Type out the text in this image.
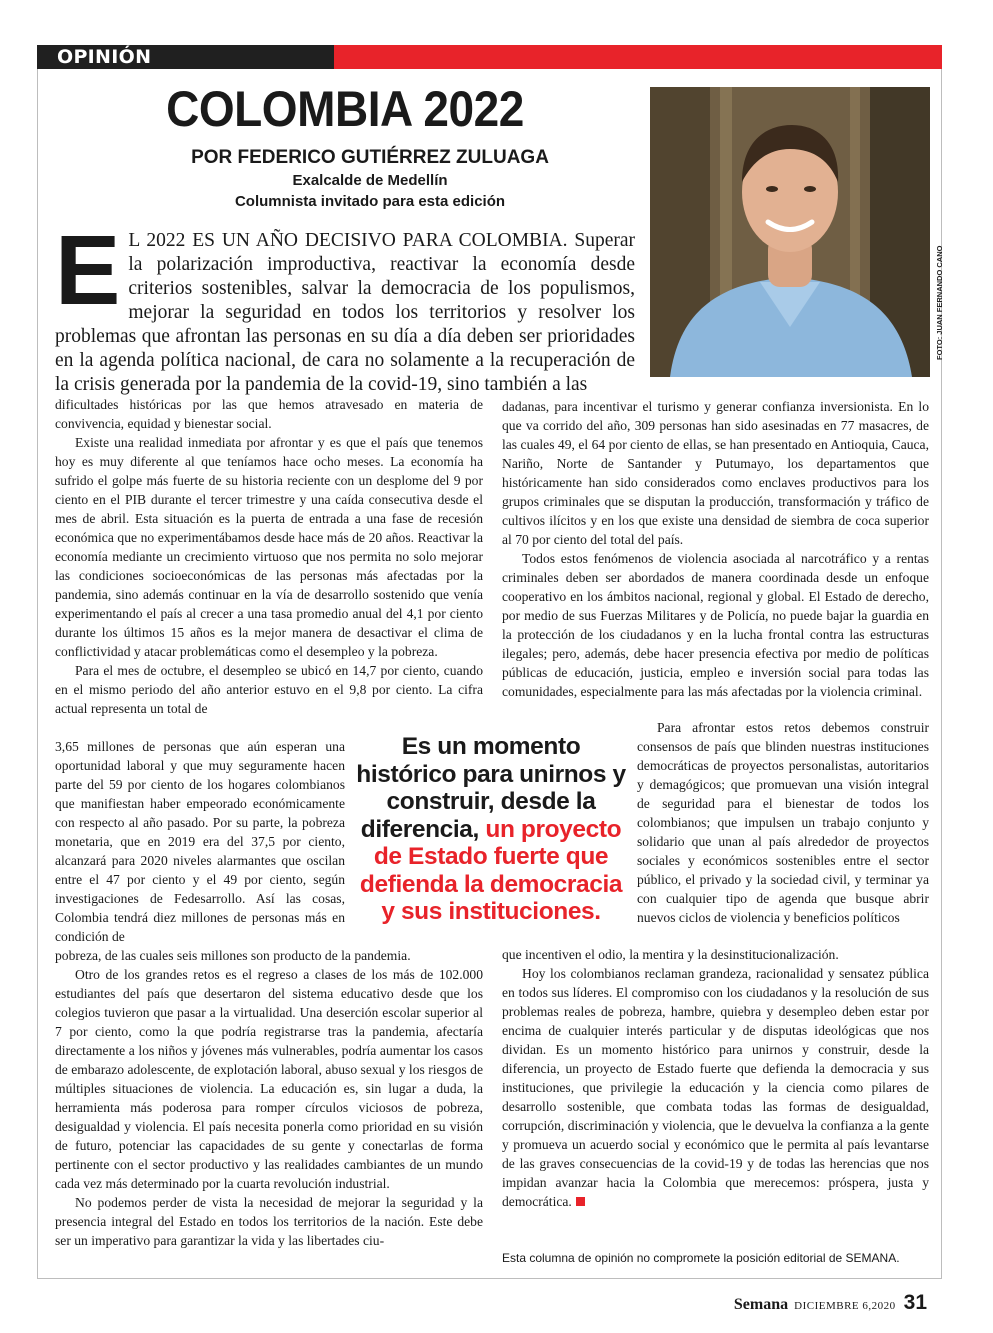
OPINIÓN
COLOMBIA 2022
POR FEDERICO GUTIÉRREZ ZULUAGA
Exalcalde de Medellín
Columnista invitado para esta edición
FOTO: JUAN FERNANDO CANO
E L 2022 ES UN AÑO DECISIVO PARA COLOMBIA. Superar la polarización improductiva, reactivar la economía desde criterios sostenibles, salvar la democracia de los populismos, mejorar la seguridad en todos los territorios y resolver los problemas que afrontan las personas en su día a día deben ser prioridades en la agenda política nacional, de cara no solamente a la recuperación de la crisis generada por la pandemia de la covid-19, sino también a las

dificultades históricas por las que hemos atravesado en materia de convivencia, equidad y bienestar social.

Existe una realidad inmediata por afrontar y es que el país que tenemos hoy es muy diferente al que teníamos hace ocho meses. La economía ha sufrido el golpe más fuerte de su historia reciente con un desplome del 9 por ciento en el PIB durante el tercer trimestre y una caída consecutiva desde el mes de abril. Esta situación es la puerta de entrada a una fase de recesión económica que no experimentábamos desde hace más de 20 años. Reactivar la economía mediante un crecimiento virtuoso que nos permita no solo mejorar las condiciones socioeconómicas de las personas más afectadas por la pandemia, sino además continuar en la vía de desarrollo sostenido que venía experimentando el país al crecer a una tasa promedio anual del 4,1 por ciento durante los últimos 15 años es la mejor manera de desactivar el clima de conflictividad y atacar problemáticas como el desempleo y la pobreza.

Para el mes de octubre, el desempleo se ubicó en 14,7 por ciento, cuando en el mismo periodo del año anterior estuvo en el 9,8 por ciento. La cifra actual representa un total de

3,65 millones de personas que aún esperan una oportunidad laboral y que muy seguramente hacen parte del 59 por ciento de los hogares colombianos que manifiestan haber empeorado económicamente con respecto al año pasado. Por su parte, la pobreza monetaria, que en 2019 era del 37,5 por ciento, alcanzará para 2020 niveles alarmantes que oscilan entre el 47 por ciento y el 49 por ciento, según investigaciones de Fedesarrollo. Así las cosas, Colombia tendrá diez millones de personas más en condición de

Es un momento histórico para unirnos y construir, desde la diferencia, un proyecto de Estado fuerte que defienda la democracia y sus instituciones.

pobreza, de las cuales seis millones son producto de la pandemia.

Otro de los grandes retos es el regreso a clases de los más de 102.000 estudiantes del país que desertaron del sistema educativo desde que los colegios tuvieron que pasar a la virtualidad. Una deserción escolar superior al 7 por ciento, como la que podría registrarse tras la pandemia, afectaría directamente a los niños y jóvenes más vulnerables, podría aumentar los casos de embarazo adolescente, de explotación laboral, abuso sexual y los riesgos de múltiples situaciones de violencia. La educación es, sin lugar a duda, la herramienta más poderosa para romper círculos viciosos de pobreza, desigualdad y violencia. El país necesita ponerla como prioridad en su visión de futuro, potenciar las capacidades de su gente y conectarlas de forma pertinente con el sector productivo y las realidades cambiantes de un mundo cada vez más determinado por la cuarta revolución industrial.

No podemos perder de vista la necesidad de mejorar la seguridad y la presencia integral del Estado en todos los territorios de la nación. Este debe ser un imperativo para garantizar la vida y las libertades ciu-

dadanas, para incentivar el turismo y generar confianza inversionista. En lo que va corrido del año, 309 personas han sido asesinadas en 77 masacres, de las cuales 49, el 64 por ciento de ellas, se han presentado en Antioquia, Cauca, Nariño, Norte de Santander y Putumayo, los departamentos que históricamente han sido considerados como enclaves productivos para los grupos criminales que se disputan la producción, transformación y tráfico de cultivos ilícitos y en los que existe una densidad de siembra de coca superior al 70 por ciento del total del país.

Todos estos fenómenos de violencia asociada al narcotráfico y a rentas criminales deben ser abordados de manera coordinada desde un enfoque cooperativo en los ámbitos nacional, regional y global. El Estado de derecho, por medio de sus Fuerzas Militares y de Policía, no puede bajar la guardia en la protección de los ciudadanos y en la lucha frontal contra las estructuras ilegales; pero, además, debe hacer presencia efectiva por medio de políticas públicas de educación, justicia, empleo e inversión social para todas las comunidades, especialmente para las más afectadas por la violencia criminal.

Para afrontar estos retos debemos construir consensos de país que blinden nuestras instituciones democráticas de proyectos personalistas, autoritarios y demagógicos; que promuevan una visión integral de seguridad para el bienestar de todos los colombianos; que impulsen un trabajo conjunto y solidario que unan al país alrededor de proyectos sociales y económicos sostenibles entre el sector público, el privado y la sociedad civil, y terminar ya con cualquier tipo de agenda que busque abrir nuevos ciclos de violencia y beneficios políticos

que incentiven el odio, la mentira y la desinstitucionalización.

Hoy los colombianos reclaman grandeza, racionalidad y sensatez pública en todos sus líderes. El compromiso con los ciudadanos y la resolución de sus problemas reales de pobreza, hambre, quiebra y desempleo deben estar por encima de cualquier interés particular y de disputas ideológicas que nos dividan. Es un momento histórico para unirnos y construir, desde la diferencia, un proyecto de Estado fuerte que defienda la democracia y sus instituciones, que privilegie la educación y la ciencia como pilares de desarrollo sostenible, que combata todas las formas de desigualdad, corrupción, discriminación y violencia, que le devuelva la confianza a la gente y promueva un acuerdo social y económico que le permita al país levantarse de las graves consecuencias de la covid-19 y de todas las herencias que nos impidan avanzar hacia la Colombia que merecemos: próspera, justa y democrática.

Esta columna de opinión no compromete la posición editorial de SEMANA.
Semana DICIEMBRE 6,2020 31
